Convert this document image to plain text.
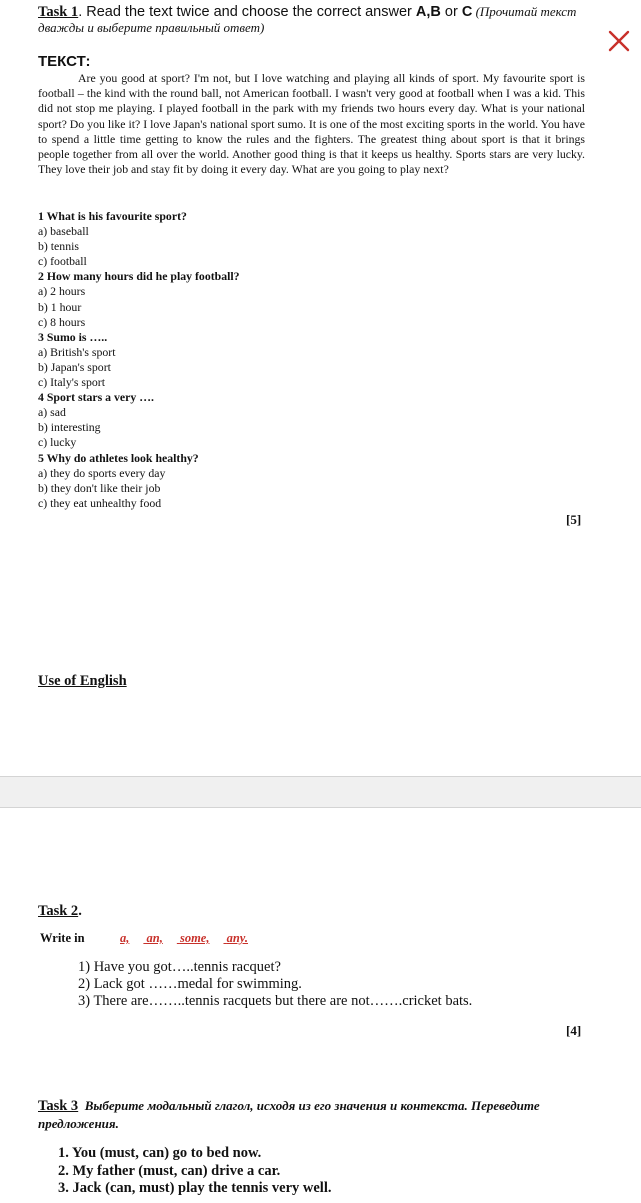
Task 1. Read the text twice and choose the correct answer A,B or C (Прочитай текст дважды и выберите правильный ответ)
ТЕКСТ:
Are you good at sport? I'm not, but I love watching and playing all kinds of sport. My favourite sport is football – the kind with the round ball, not American football. I wasn't very good at football when I was a kid. This did not stop me playing. I played football in the park with my friends two hours every day. What is your national sport? Do you like it? I love Japan's national sport sumo. It is one of the most exciting sports in the world. You have to spend a little time getting to know the rules and the fighters. The greatest thing about sport is that it brings people together from all over the world. Another good thing is that it keeps us healthy. Sports stars are very lucky. They love their job and stay fit by doing it every day. What are you going to play next?
1 What is his favourite sport?
a) baseball
b) tennis
c) football
2 How many hours did he play football?
a) 2 hours
b) 1 hour
c) 8 hours
3 Sumo is …..
a) British's sport
b) Japan's sport
c) Italy's sport
4 Sport stars a very ….
a) sad
b) interesting
c) lucky
5 Why do athletes look healthy?
a) they do sports every day
b) they don't like their job
c) they eat unhealthy food
[5]
Use of English
Task 2.
Write in	a, an, some, any.
1) Have you got…..tennis racquet?
2) Lack got ……medal for swimming.
3) There are……..tennis racquets but there are not…….cricket bats.
[4]
Task 3 Выберите модальный глагол, исходя из его значения и контекста. Переведите предложения.
1. You (must, can) go to bed now.
2. My father (must, can) drive a car.
3. Jack (can, must) play the tennis very well.
